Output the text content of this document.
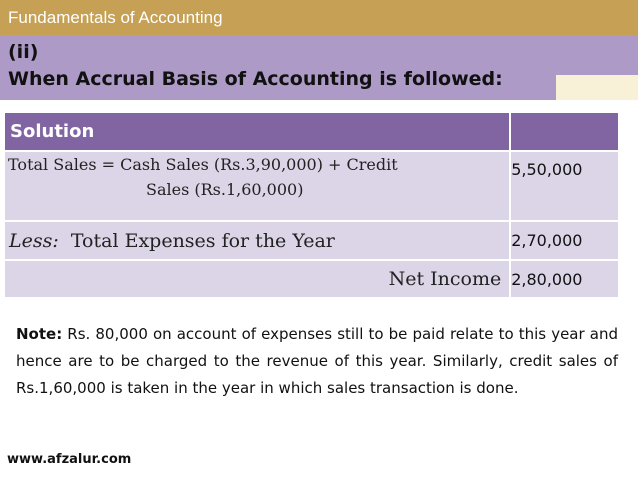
Fundamentals of Accounting
(ii)
When Accrual Basis of Accounting is followed:
Solution	

Total Sales = Cash Sales (Rs.3,90,000) + Credit
Sales (Rs.1,60,000)	5,50,000
Less: Total Expenses for the Year	2,70,000
Net Income	2,80,000
Note: Rs. 80,000 on account of expenses still to be paid relate to this year and hence are to be charged to the revenue of this year. Similarly, credit sales of Rs.1,60,000 is taken in the year in which sales transaction is done.
www.afzalur.com
